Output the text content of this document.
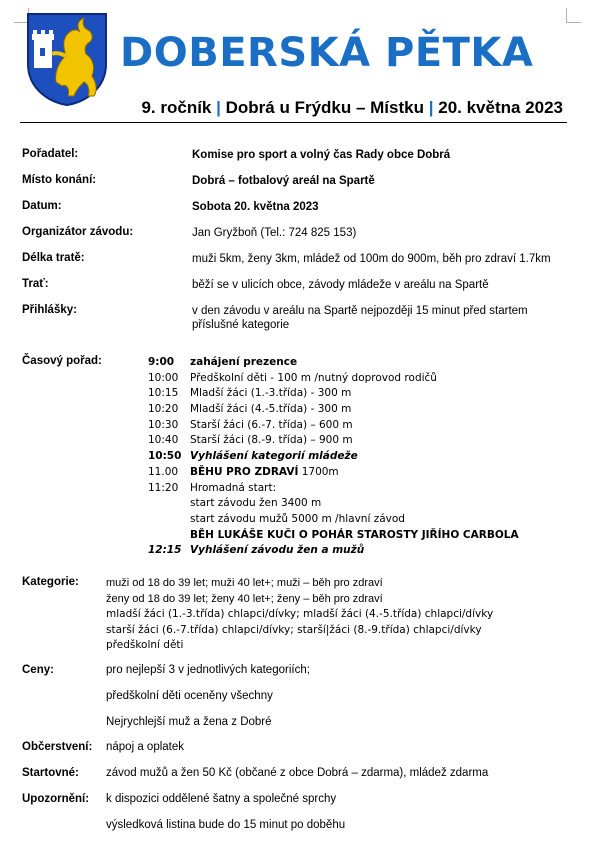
DOBERSKÁ PĚTKA
9. ročník | Dobrá u Frýdku – Místku | 20. května 2023
Pořadatel:	Komise pro sport a volný čas Rady obce Dobrá
Místo konání:	Dobrá – fotbalový areál na Spartě
Datum:	Sobota 20. května 2023
Organizátor závodu:	Jan Gryžboň (Tel.: 724 825 153)
Délka tratě:	muži 5km, ženy 3km, mládež od 100m do 900m, běh pro zdraví 1.7km
Trať:	běží se v ulicích obce, závody mládeže v areálu na Spartě
Přihlášky:	v den závodu v areálu na Spartě nejpozději 15 minut před startem příslušné kategorie
Časový pořad:	9:00	zahájení prezence
10:00	Předškolní děti - 100 m /nutný doprovod rodičů
10:15	Mladší žáci (1.-3.třída) - 300 m
10:20	Mladší žáci (4.-5.třída) - 300 m
10:30	Starší žáci (6.-7. třída) – 600 m
10:40	Starší žáci (8.-9. třída) – 900 m
10:50 Vyhlášení kategorií mládeže
11.00	BĚHU PRO ZDRAVÍ 1700m
11:20	Hromadná start:
start závodu žen 3400 m
start závodu mužů 5000 m /hlavní závod
BĚH LUKÁŠE KUČI O POHÁR STAROSTY JIŘÍHO CARBOLA
12:15 Vyhlášení závodu žen a mužů
Kategorie: muži od 18 do 39 let; muži 40 let+; muži – běh pro zdraví
ženy od 18 do 39 let; ženy 40 let+; ženy – běh pro zdraví
mladší žáci (1.-3.třída) chlapci/dívky; mladší žáci (4.-5.třída) chlapci/dívky
starší žáci (6.-7.třída) chlapci/dívky; starší|žáci (8.-9.třída) chlapci/dívky
předškolní děti
Ceny:	pro nejlepší 3 v jednotlivých kategoriích;
předškolní děti oceněny všechny
Nejrychlejší muž a žena z Dobré
Občerstvení: nápoj a oplatek
Startovné: závod mužů a žen 50 Kč (občané z obce Dobrá – zdarma), mládež zdarma
Upozornění: k dispozici oddělené šatny a společné sprchy
výsledková listina bude do 15 minut po doběhu
